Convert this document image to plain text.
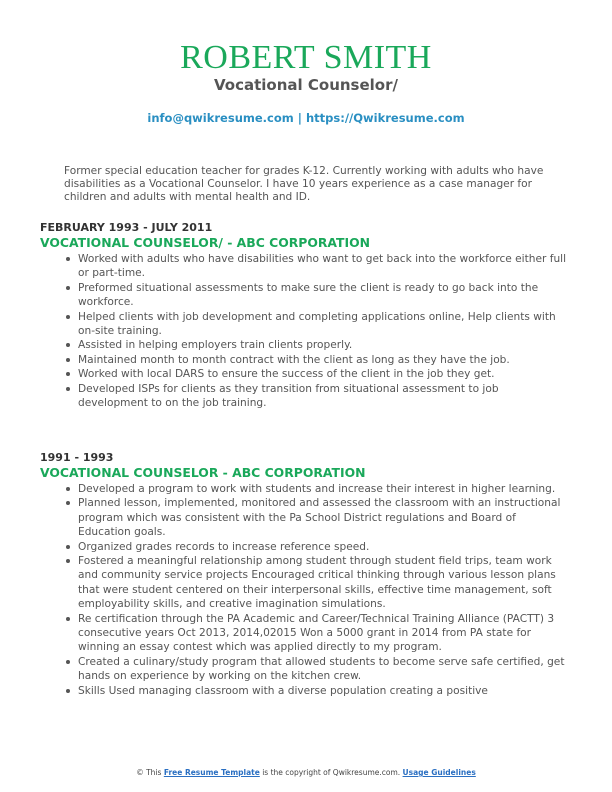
ROBERT SMITH
Vocational Counselor/
info@qwikresume.com | https://Qwikresume.com
Former special education teacher for grades K-12. Currently working with adults who have disabilities as a Vocational Counselor. I have 10 years experience as a case manager for children and adults with mental health and ID.
FEBRUARY 1993 - JULY 2011
VOCATIONAL COUNSELOR/ - ABC CORPORATION
Worked with adults who have disabilities who want to get back into the workforce either full or part-time.
Preformed situational assessments to make sure the client is ready to go back into the workforce.
Helped clients with job development and completing applications online, Help clients with on-site training.
Assisted in helping employers train clients properly.
Maintained month to month contract with the client as long as they have the job.
Worked with local DARS to ensure the success of the client in the job they get.
Developed ISPs for clients as they transition from situational assessment to job development to on the job training.
1991 - 1993
VOCATIONAL COUNSELOR - ABC CORPORATION
Developed a program to work with students and increase their interest in higher learning.
Planned lesson, implemented, monitored and assessed the classroom with an instructional program which was consistent with the Pa School District regulations and Board of Education goals.
Organized grades records to increase reference speed.
Fostered a meaningful relationship among student through student field trips, team work and community service projects Encouraged critical thinking through various lesson plans that were student centered on their interpersonal skills, effective time management, soft employability skills, and creative imagination simulations.
Re certification through the PA Academic and Career/Technical Training Alliance (PACTT) 3 consecutive years Oct 2013, 2014,02015 Won a 5000 grant in 2014 from PA state for winning an essay contest which was applied directly to my program.
Created a culinary/study program that allowed students to become serve safe certified, get hands on experience by working on the kitchen crew.
Skills Used managing classroom with a diverse population creating a positive
© This Free Resume Template is the copyright of Qwikresume.com. Usage Guidelines
